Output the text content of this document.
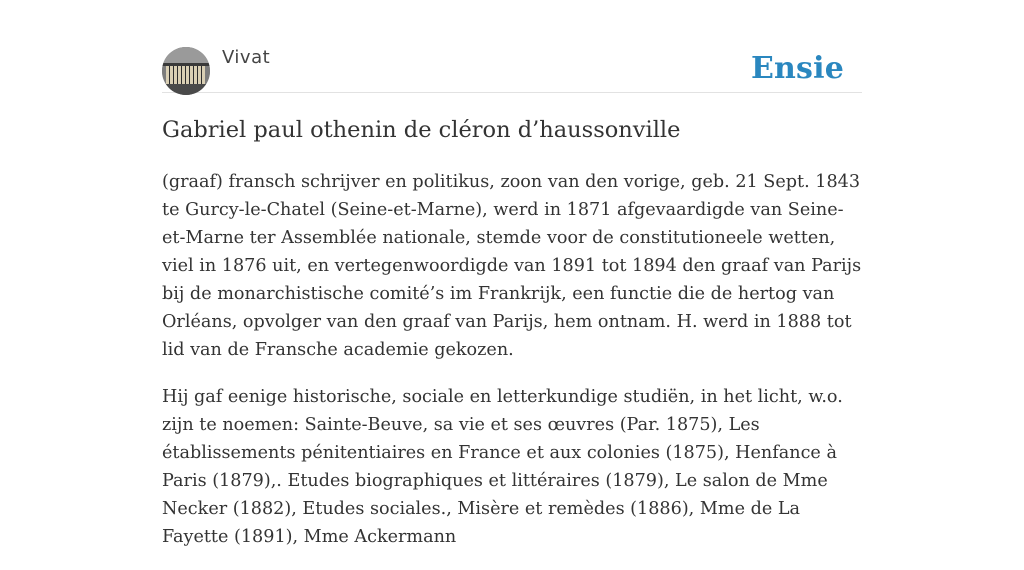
Vivat	Ensie
Gabriel paul othenin de cléron d’haussonville

(graaf) fransch schrijver en politikus, zoon van den vorige, geb. 21 Sept. 1843 te Gurcy-le-Chatel (Seine-et-Marne), werd in 1871 afgevaardigde van Seine-et-Marne ter Assemblée nationale, stemde voor de constitutioneele wetten, viel in 1876 uit, en vertegenwoordigde van 1891 tot 1894 den graaf van Parijs bij de monarchistische comité’s im Frankrijk, een functie die de hertog van Orléans, opvolger van den graaf van Parijs, hem ontnam. H. werd in 1888 tot lid van de Fransche academie gekozen.

Hij gaf eenige historische, sociale en letterkundige studiën, in het licht, w.o. zijn te noemen: Sainte-Beuve, sa vie et ses œuvres (Par. 1875), Les établissements pénitentiaires en France et aux colonies (1875), Henfance à Paris (1879),. Etudes biographiques et littéraires (1879), Le salon de Mme Necker (1882), Etudes sociales., Misère et remèdes (1886), Mme de La Fayette (1891), Mme Ackermann
